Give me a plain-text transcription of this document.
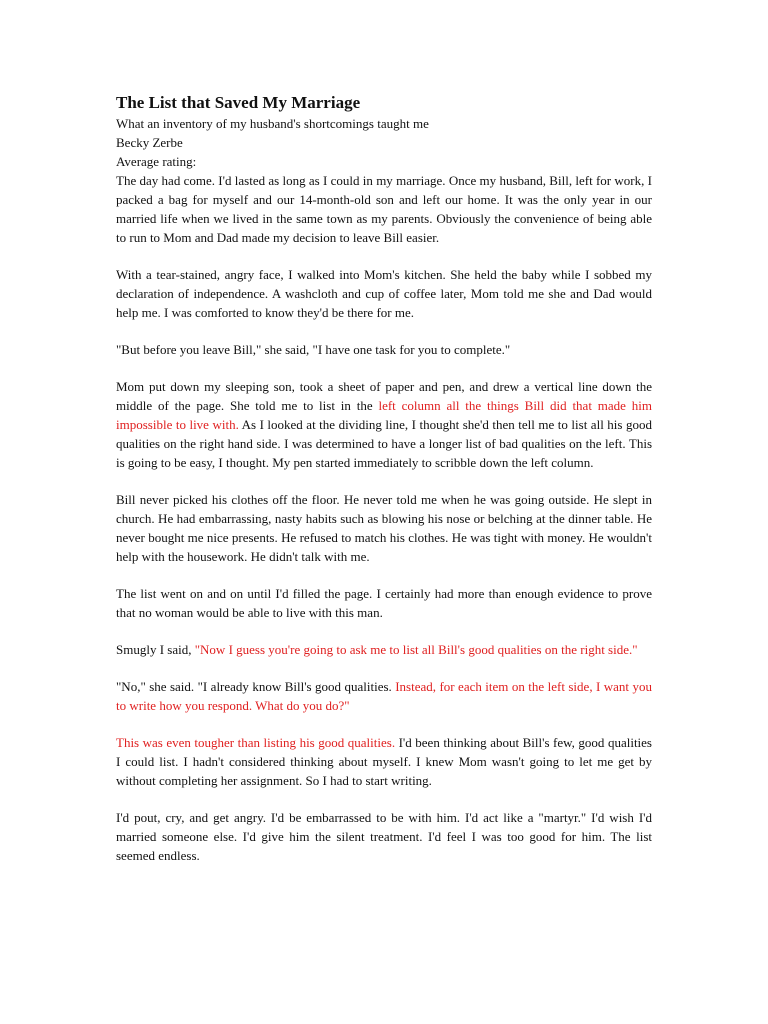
The List that Saved My Marriage

What an inventory of my husband's shortcomings taught me

Becky Zerbe

Average rating:

The day had come. I'd lasted as long as I could in my marriage. Once my husband, Bill, left for work, I packed a bag for myself and our 14-month-old son and left our home. It was the only year in our married life when we lived in the same town as my parents. Obviously the convenience of being able to run to Mom and Dad made my decision to leave Bill easier.

With a tear-stained, angry face, I walked into Mom's kitchen. She held the baby while I sobbed my declaration of independence. A washcloth and cup of coffee later, Mom told me she and Dad would help me. I was comforted to know they'd be there for me.

"But before you leave Bill," she said, "I have one task for you to complete."

Mom put down my sleeping son, took a sheet of paper and pen, and drew a vertical line down the middle of the page. She told me to list in the left column all the things Bill did that made him impossible to live with. As I looked at the dividing line, I thought she'd then tell me to list all his good qualities on the right hand side. I was determined to have a longer list of bad qualities on the left. This is going to be easy, I thought. My pen started immediately to scribble down the left column.

Bill never picked his clothes off the floor. He never told me when he was going outside. He slept in church. He had embarrassing, nasty habits such as blowing his nose or belching at the dinner table. He never bought me nice presents. He refused to match his clothes. He was tight with money. He wouldn't help with the housework. He didn't talk with me.

The list went on and on until I'd filled the page. I certainly had more than enough evidence to prove that no woman would be able to live with this man.

Smugly I said, "Now I guess you're going to ask me to list all Bill's good qualities on the right side."

"No," she said. "I already know Bill's good qualities. Instead, for each item on the left side, I want you to write how you respond. What do you do?"

This was even tougher than listing his good qualities. I'd been thinking about Bill's few, good qualities I could list. I hadn't considered thinking about myself. I knew Mom wasn't going to let me get by without completing her assignment. So I had to start writing.

I'd pout, cry, and get angry. I'd be embarrassed to be with him. I'd act like a "martyr." I'd wish I'd married someone else. I'd give him the silent treatment. I'd feel I was too good for him. The list seemed endless.
